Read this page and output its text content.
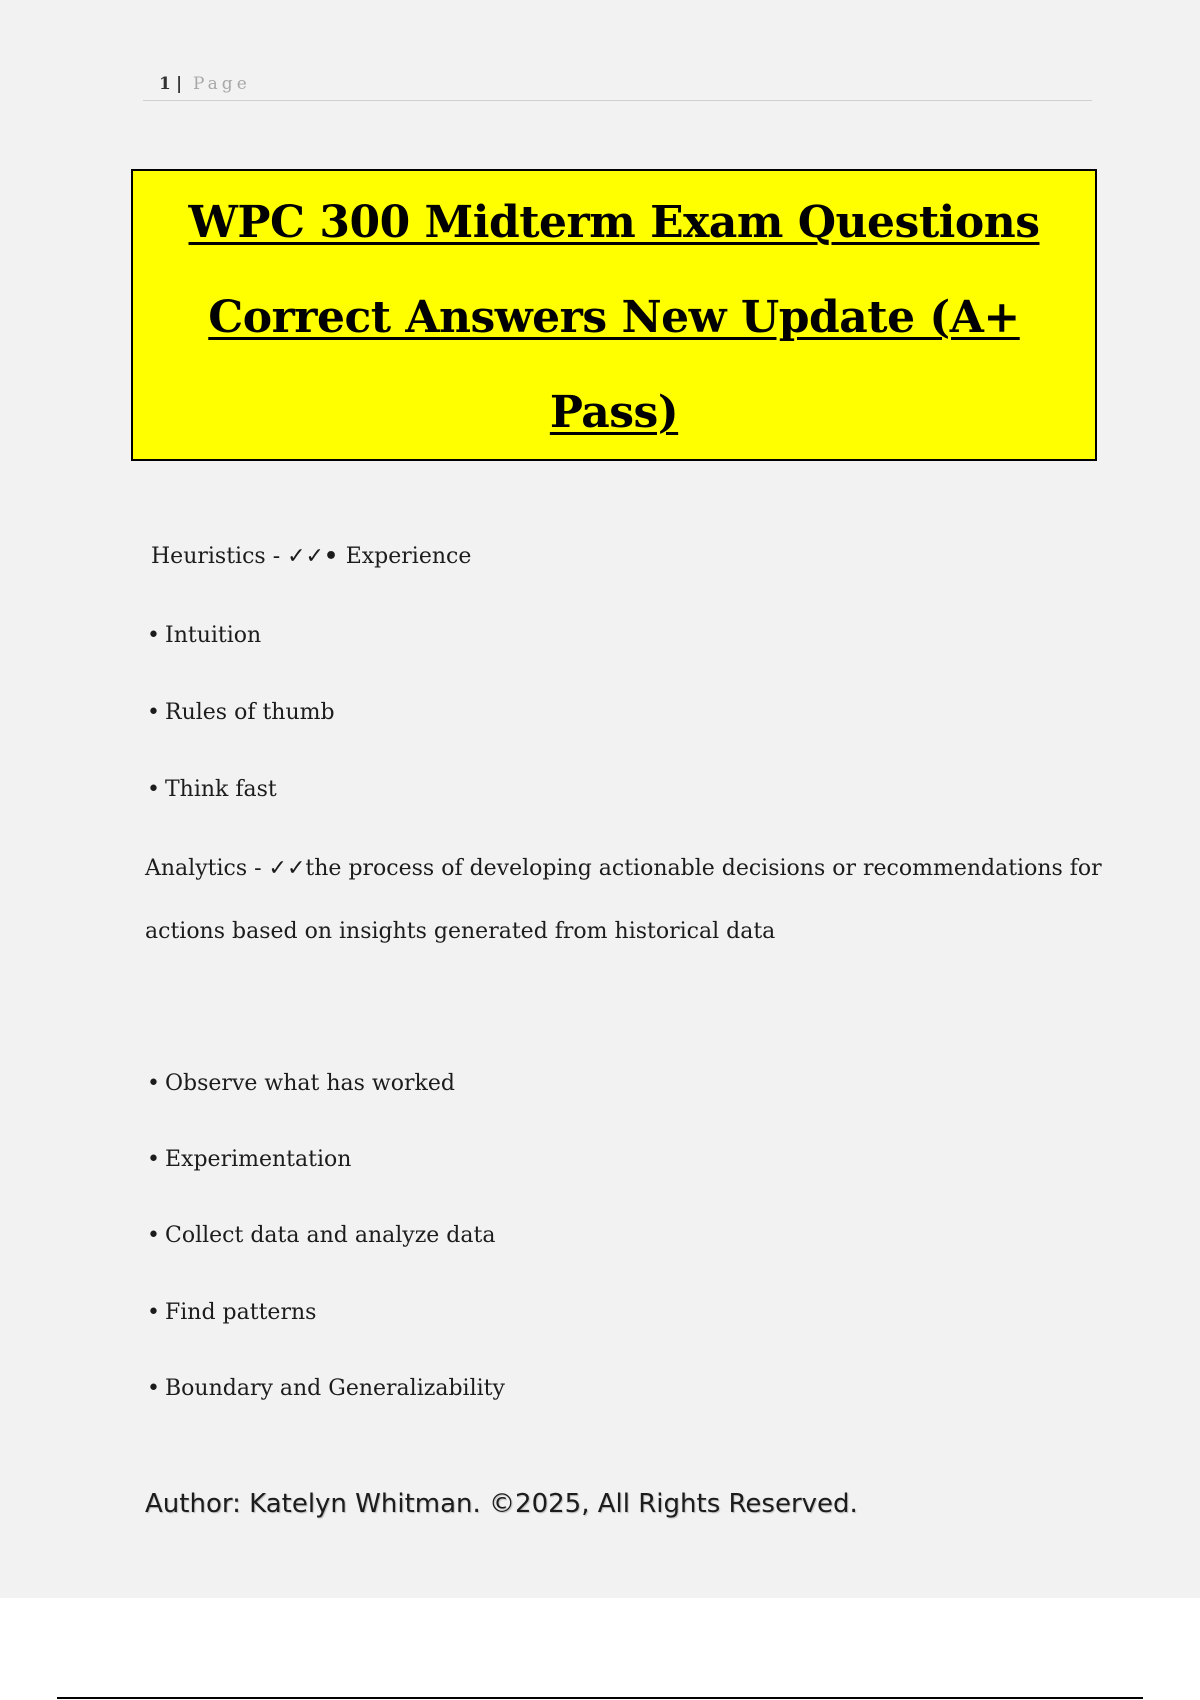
1 | Page
WPC 300 Midterm Exam Questions
Correct Answers New Update (A+
Pass)
Heuristics - ✓✓• Experience
• Intuition
• Rules of thumb
• Think fast
Analytics - ✓✓the process of developing actionable decisions or recommendations for
actions based on insights generated from historical data
• Observe what has worked
• Experimentation
• Collect data and analyze data
• Find patterns
• Boundary and Generalizability
Author: Katelyn Whitman. ©2025, All Rights Reserved.
